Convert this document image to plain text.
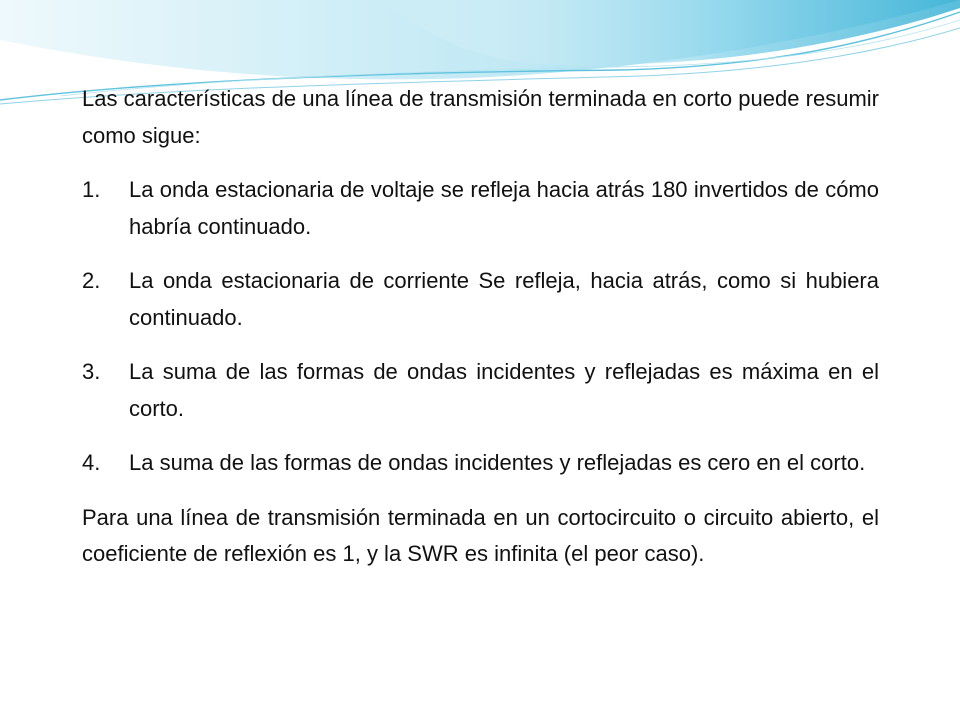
Las características de una línea de transmisión terminada en corto puede resumir como sigue:

1.	La onda estacionaria de voltaje se refleja hacia atrás 180 invertidos de cómo habría continuado.
2.	La onda estacionaria de corriente Se refleja, hacia atrás, como si hubiera continuado.
3.	La suma de las formas de ondas incidentes y reflejadas es máxima en el corto.
4.	La suma de las formas de ondas incidentes y reflejadas es cero en el corto.

Para una línea de transmisión terminada en un cortocircuito o circuito abierto, el coeficiente de reflexión es 1, y la SWR es infinita (el peor caso).
